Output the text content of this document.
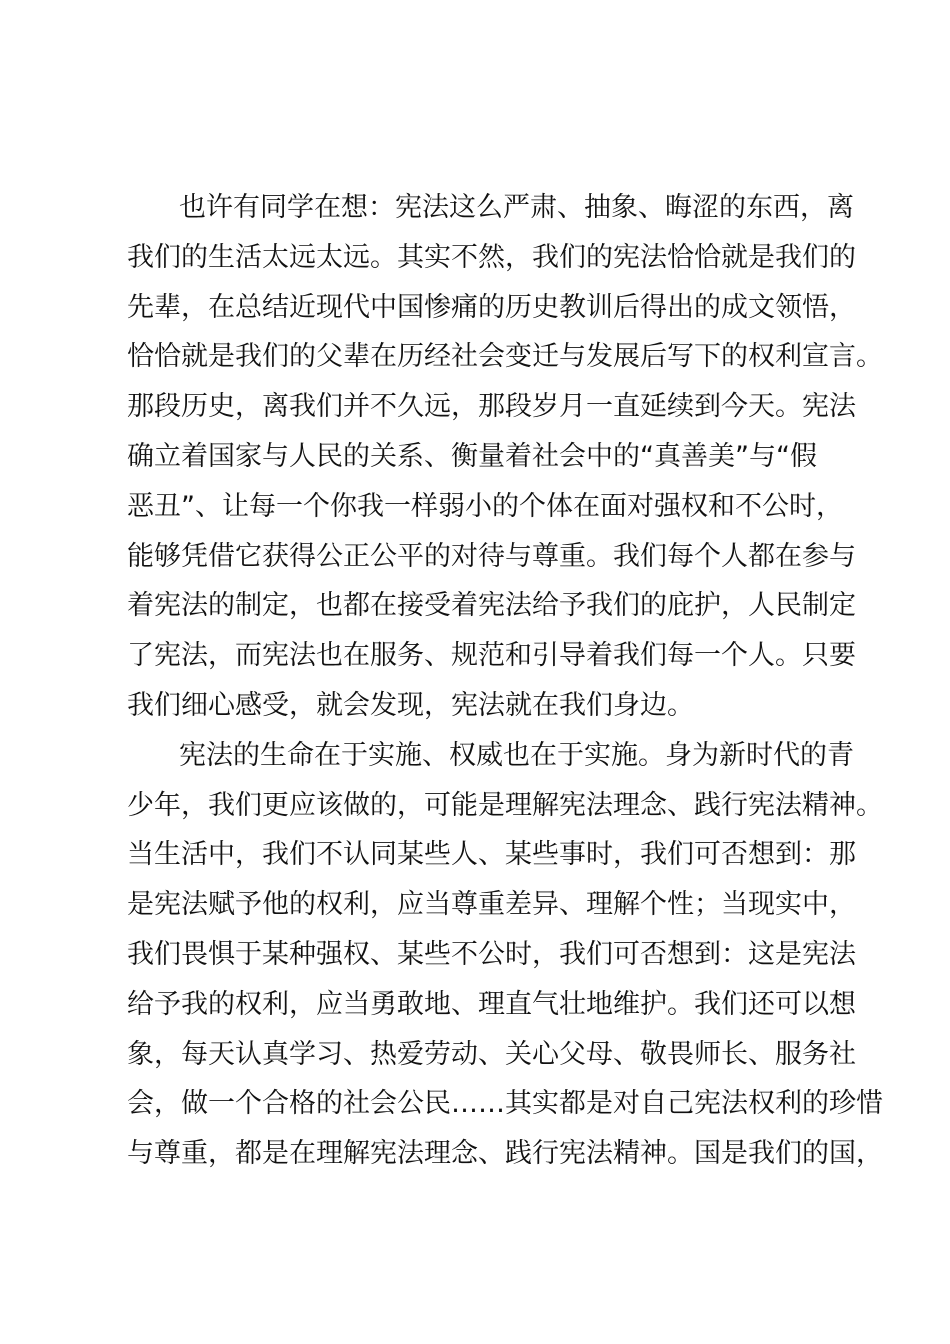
也许有同学在想：宪法这么严肃、抽象、晦涩的东西，离
我们的生活太远太远。其实不然，我们的宪法恰恰就是我们的
先辈，在总结近现代中国惨痛的历史教训后得出的成文领悟，
恰恰就是我们的父辈在历经社会变迁与发展后写下的权利宣言。
那段历史，离我们并不久远，那段岁月一直延续到今天。宪法
确立着国家与人民的关系、衡量着社会中的“真善美”与“假
恶丑”、让每一个你我一样弱小的个体在面对强权和不公时，
能够凭借它获得公正公平的对待与尊重。我们每个人都在参与
着宪法的制定，也都在接受着宪法给予我们的庇护，人民制定
了宪法，而宪法也在服务、规范和引导着我们每一个人。只要
我们细心感受，就会发现，宪法就在我们身边。
宪法的生命在于实施、权威也在于实施。身为新时代的青
少年，我们更应该做的，可能是理解宪法理念、践行宪法精神。
当生活中，我们不认同某些人、某些事时，我们可否想到：那
是宪法赋予他的权利，应当尊重差异、理解个性；当现实中，
我们畏惧于某种强权、某些不公时，我们可否想到：这是宪法
给予我的权利，应当勇敢地、理直气壮地维护。我们还可以想
象，每天认真学习、热爱劳动、关心父母、敬畏师长、服务社
会，做一个合格的社会公民……其实都是对自己宪法权利的珍惜
与尊重，都是在理解宪法理念、践行宪法精神。国是我们的国，
